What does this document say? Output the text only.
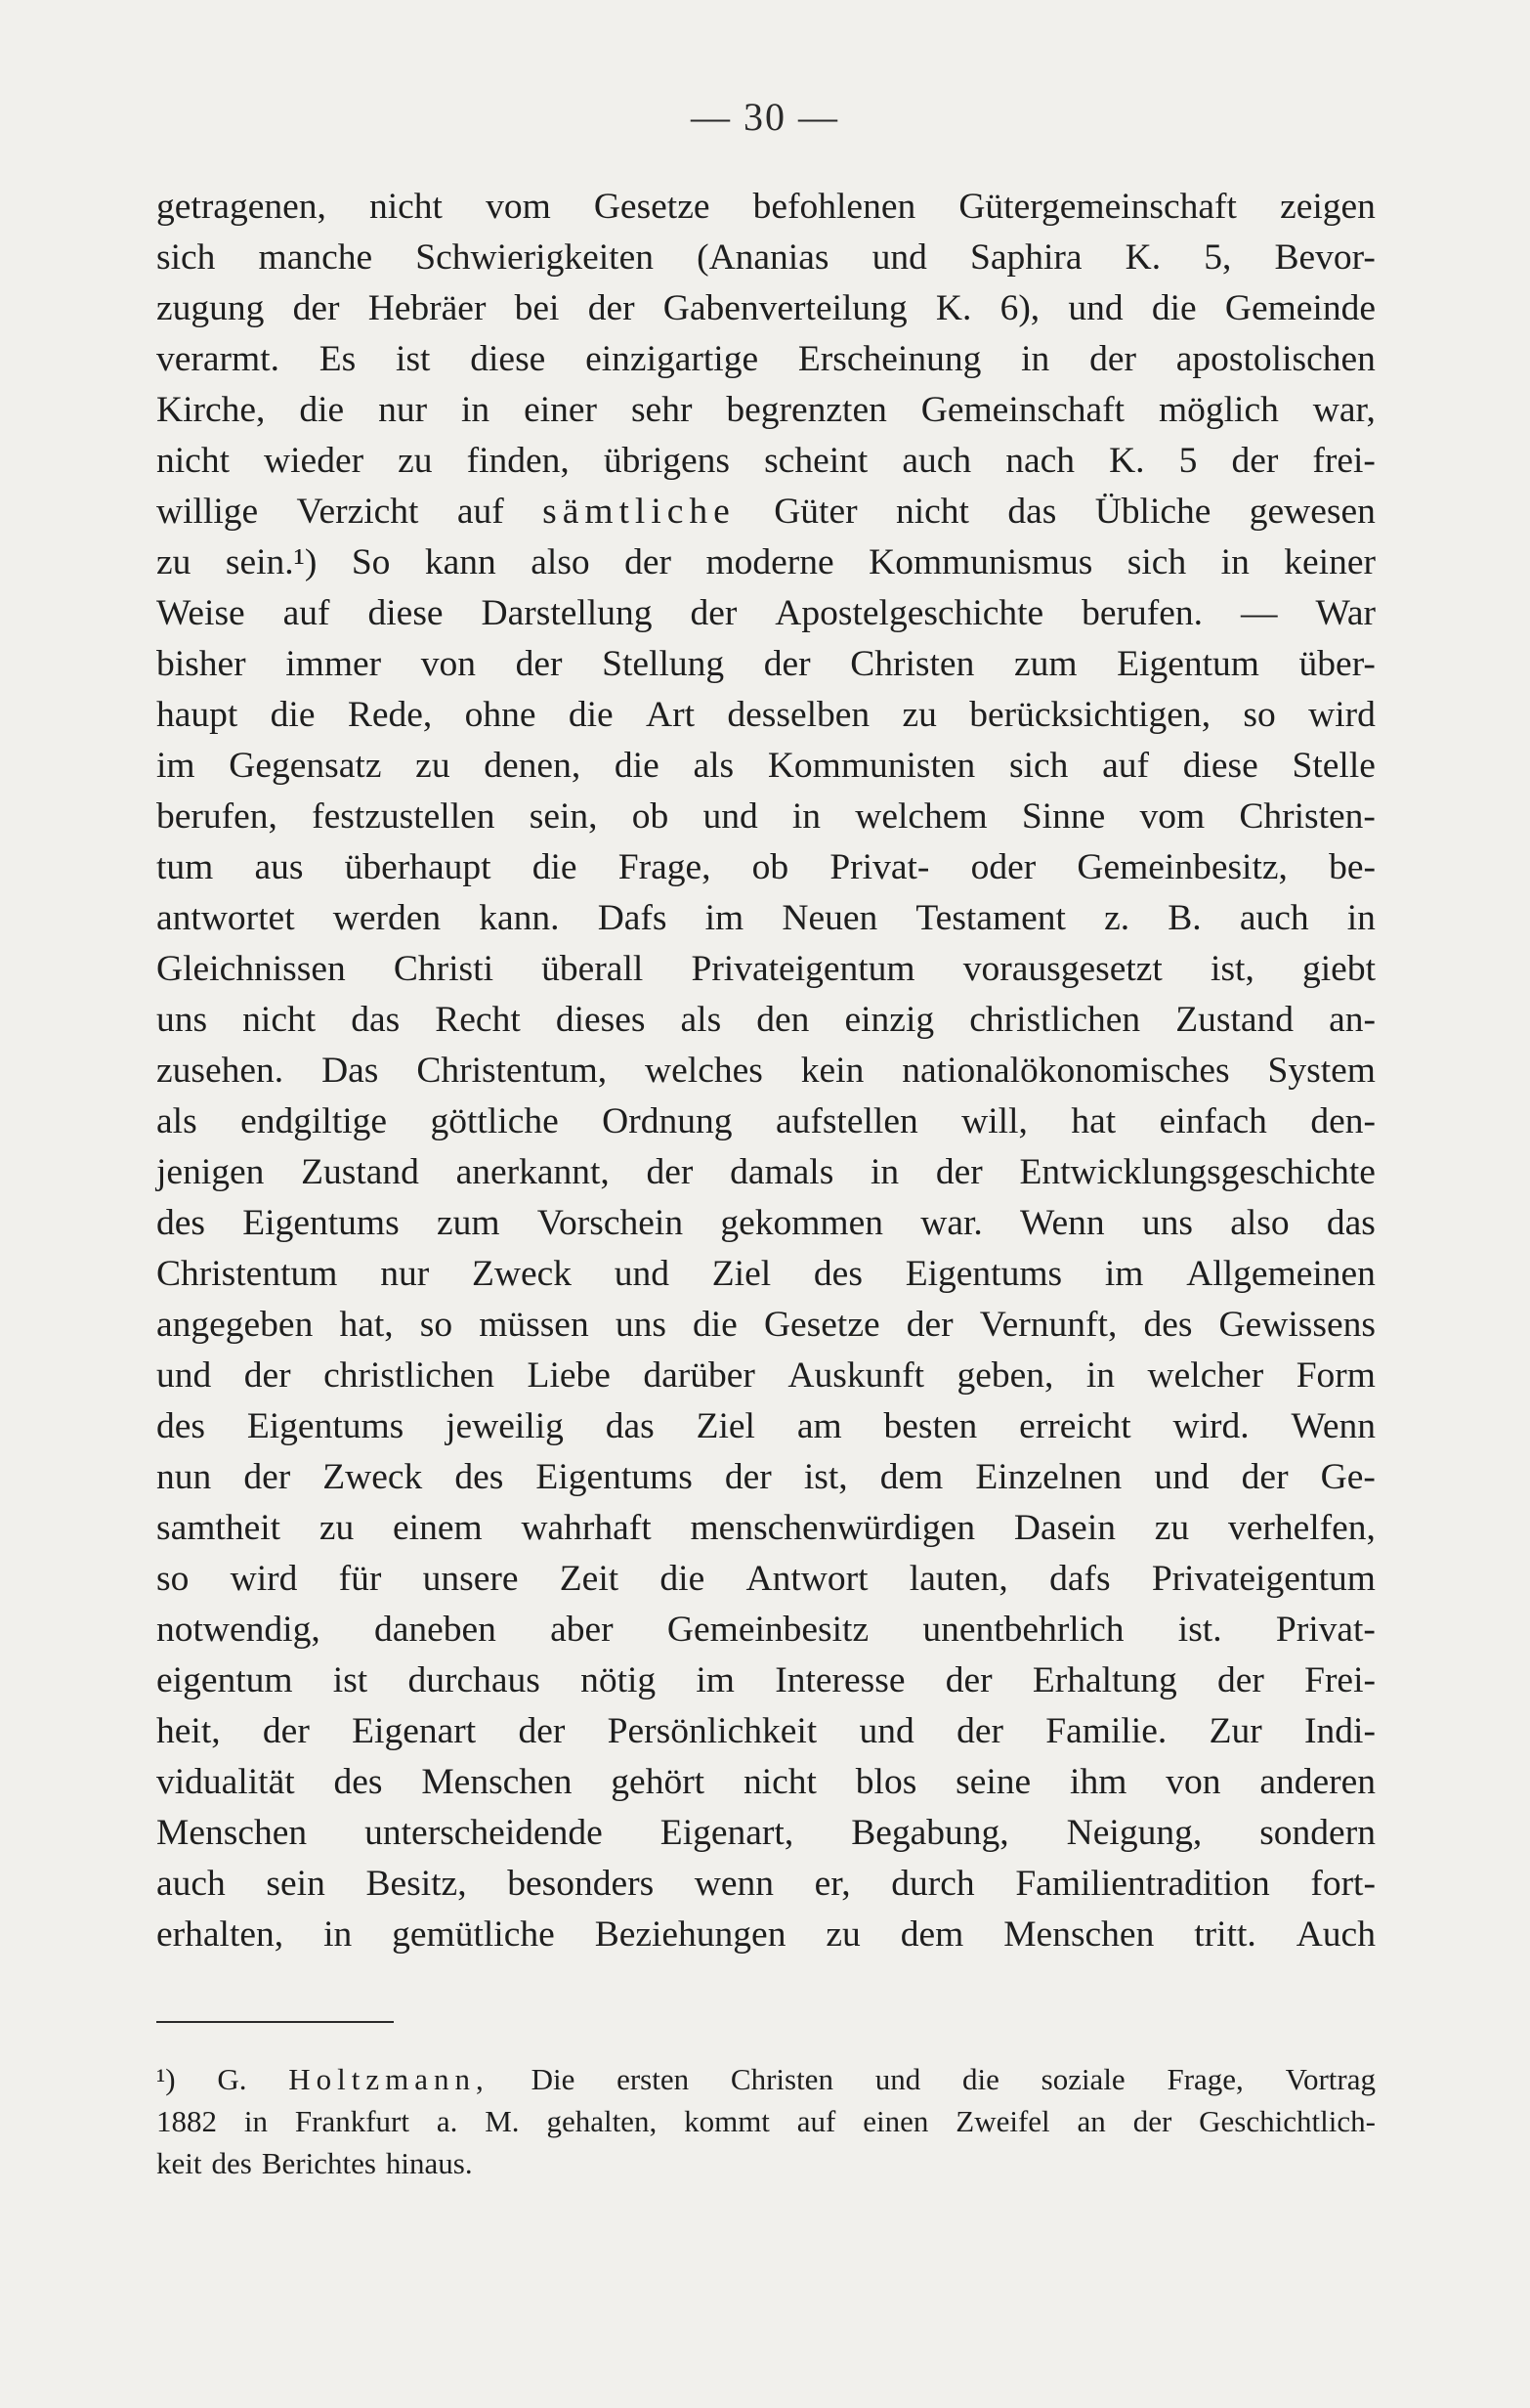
— 30 —
getragenen, nicht vom Gesetze befohlenen Gütergemeinschaft zeigen
sich manche Schwierigkeiten (Ananias und Saphira K. 5, Bevor-
zugung der Hebräer bei der Gabenverteilung K. 6), und die Gemeinde
verarmt. Es ist diese einzigartige Erscheinung in der apostolischen
Kirche, die nur in einer sehr begrenzten Gemeinschaft möglich war,
nicht wieder zu finden, übrigens scheint auch nach K. 5 der frei-
willige Verzicht auf sämtliche Güter nicht das Übliche gewesen
zu sein.¹) So kann also der moderne Kommunismus sich in keiner
Weise auf diese Darstellung der Apostelgeschichte berufen. — War
bisher immer von der Stellung der Christen zum Eigentum über-
haupt die Rede, ohne die Art desselben zu berücksichtigen, so wird
im Gegensatz zu denen, die als Kommunisten sich auf diese Stelle
berufen, festzustellen sein, ob und in welchem Sinne vom Christen-
tum aus überhaupt die Frage, ob Privat- oder Gemeinbesitz, be-
antwortet werden kann. Dafs im Neuen Testament z. B. auch in
Gleichnissen Christi überall Privateigentum vorausgesetzt ist, giebt
uns nicht das Recht dieses als den einzig christlichen Zustand an-
zusehen. Das Christentum, welches kein nationalökonomisches System
als endgiltige göttliche Ordnung aufstellen will, hat einfach den-
jenigen Zustand anerkannt, der damals in der Entwicklungsgeschichte
des Eigentums zum Vorschein gekommen war. Wenn uns also das
Christentum nur Zweck und Ziel des Eigentums im Allgemeinen
angegeben hat, so müssen uns die Gesetze der Vernunft, des Gewissens
und der christlichen Liebe darüber Auskunft geben, in welcher Form
des Eigentums jeweilig das Ziel am besten erreicht wird. Wenn
nun der Zweck des Eigentums der ist, dem Einzelnen und der Ge-
samtheit zu einem wahrhaft menschenwürdigen Dasein zu verhelfen,
so wird für unsere Zeit die Antwort lauten, dafs Privateigentum
notwendig, daneben aber Gemeinbesitz unentbehrlich ist. Privat-
eigentum ist durchaus nötig im Interesse der Erhaltung der Frei-
heit, der Eigenart der Persönlichkeit und der Familie. Zur Indi-
vidualität des Menschen gehört nicht blos seine ihm von anderen
Menschen unterscheidende Eigenart, Begabung, Neigung, sondern
auch sein Besitz, besonders wenn er, durch Familientradition fort-
erhalten, in gemütliche Beziehungen zu dem Menschen tritt. Auch
¹) G. Holtzmann, Die ersten Christen und die soziale Frage, Vortrag
1882 in Frankfurt a. M. gehalten, kommt auf einen Zweifel an der Geschichtlich-
keit des Berichtes hinaus.
